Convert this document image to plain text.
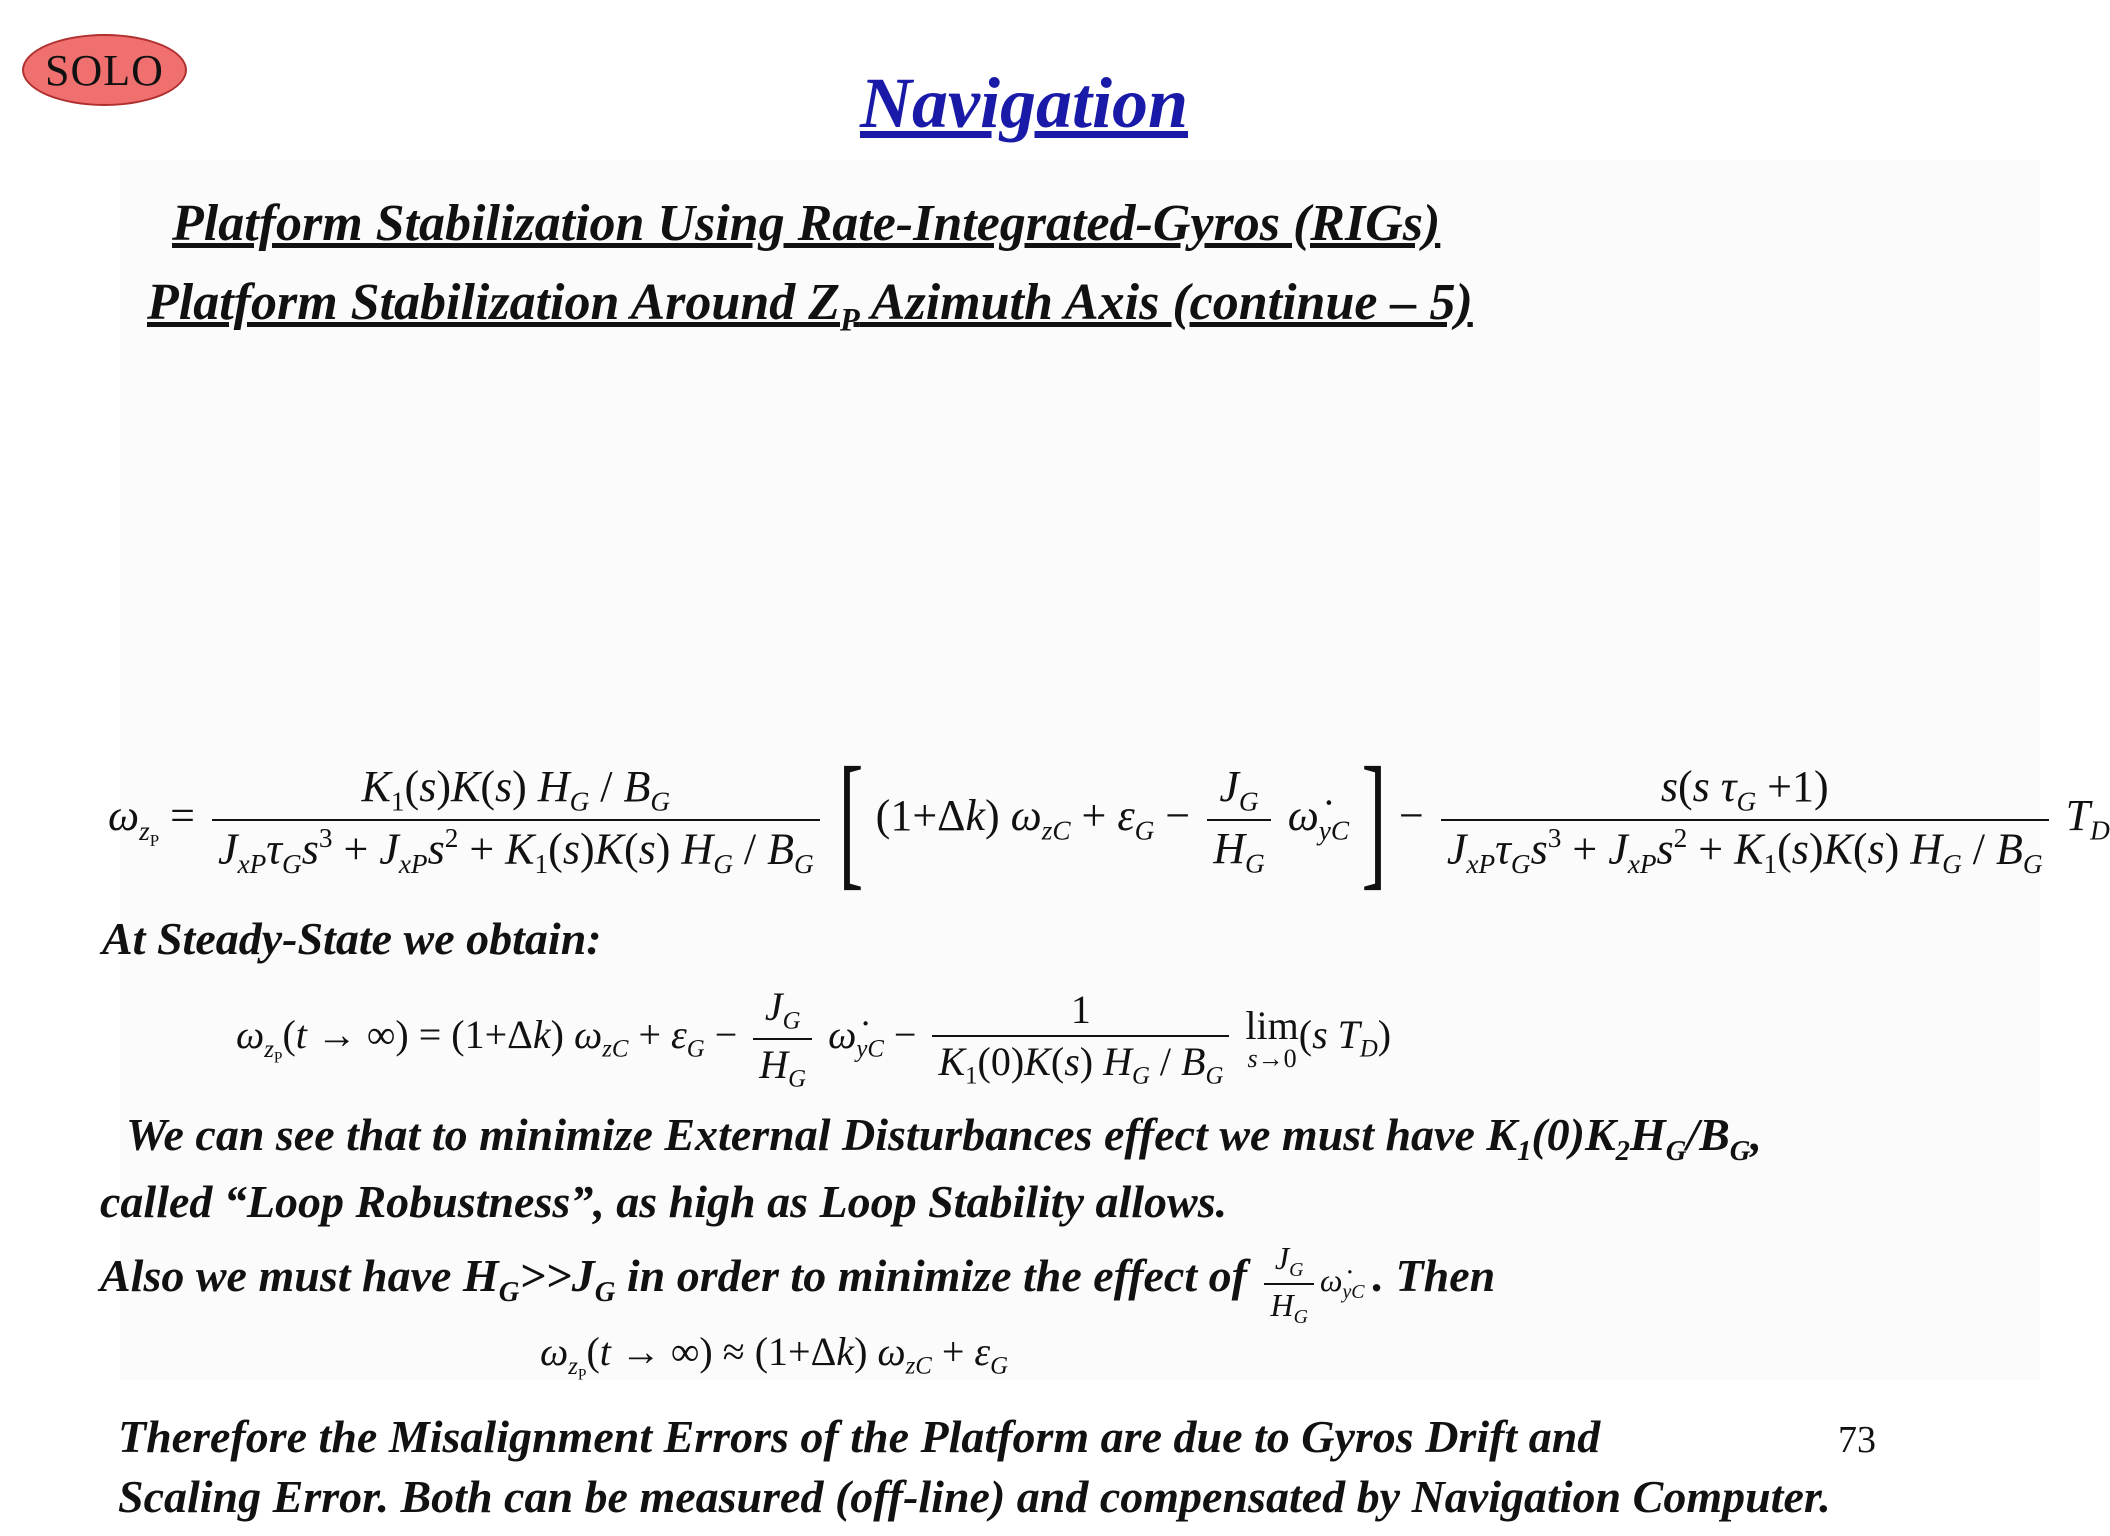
SOLO	Navigation
Platform Stabilization Using Rate-Integrated-Gyros (RIGs)
Platform Stabilization Around $Z_P$ Azimuth Axis (continue – 5)
$\omega_{z_P} = \frac{K_1(s)K(s) H_G / B_G}{J_{xP}\tau_Gs^3 + J_{xP}s^2 + K_1(s)K(s) H_G / B_G}$ [ (1+Δk) $\omega_{zC} + \varepsilon_G - \frac{J_G}{H_G}$ $\omegȧ_{yC}] - \frac{s(s \tau_G +1)}{J_{xP}\tau_Gs^3 + J_{xP}s^2 + K_1(s)K(s) H_G / B_G} T_D$
At Steady-State we obtain:
$\omega_{z_P}(t$ → ∞) = (1+Δk) $\omega_{zC} + \varepsilon_G - \frac{J_G}{H_G}$ $\omegȧ_{yC} - \frac{1}{K_1(0)K(s) H_G / B_G}$ lim
s→0
(s $T_D$)
We can see that to minimize External Disturbances effect we must have $K_1(0)K_2H_G/B_G$,
called “Loop Robustness”, as high as Loop Stability allows.
Also we must have $H_G>>J_G$ in order to minimize the effect of $\frac{J_G}{H_G}$ $\omegȧ_{yC}$ . Then
$\omega_{z_P}(t$ → ∞) ≈ (1+Δk) $\omega_{zC} + \varepsilon_G$
Therefore the Misalignment Errors of the Platform are due to Gyros Drift and
Scaling Error. Both can be measured (off-line) and compensated by Navigation Computer.
73
